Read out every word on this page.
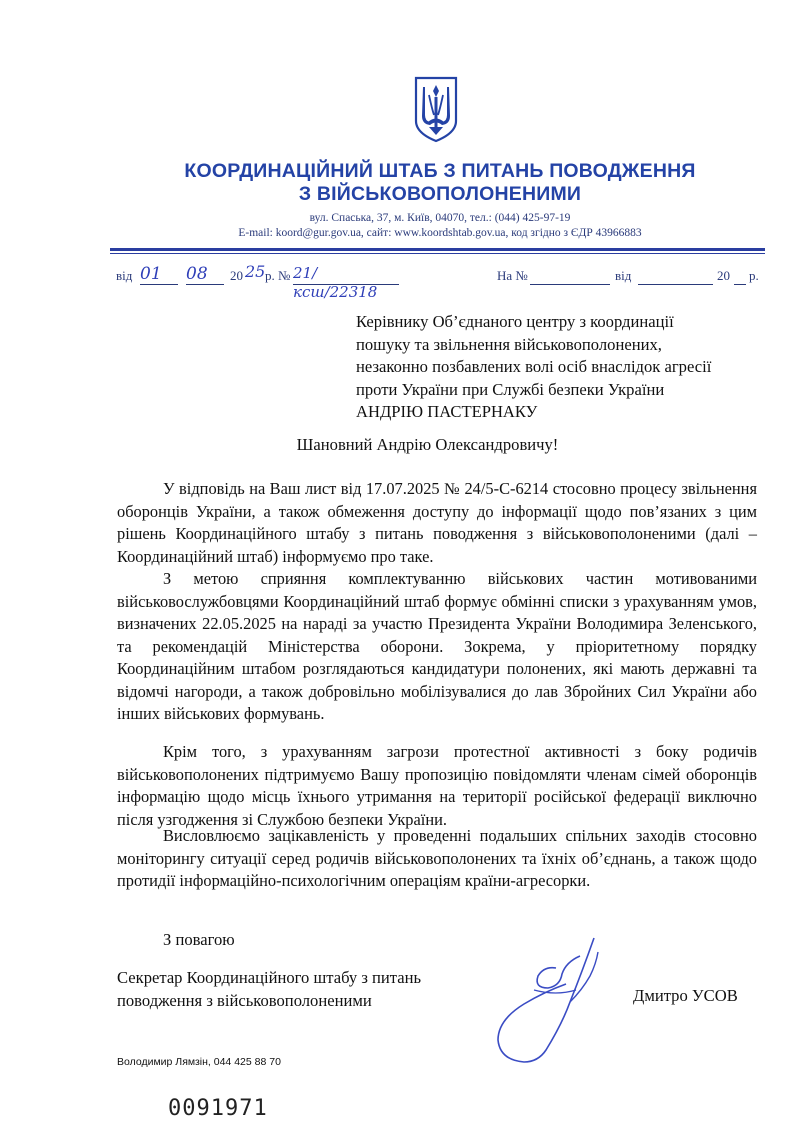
КООРДИНАЦІЙНИЙ ШТАБ З ПИТАНЬ ПОВОДЖЕННЯ
З ВІЙСЬКОВОПОЛОНЕНИМИ
вул. Спаська, 37, м. Київ, 04070, тел.: (044) 425-97-19
E-mail: koord@gur.gov.ua, сайт: www.koordshtab.gov.ua, код згідно з ЄДР 43966883
від 01	08	20 25 р. № 21/ксш/22318
На №	від	20 р.
Керівнику Об’єднаного центру з координації
пошуку та звільнення військовополонених,
незаконно позбавлених волі осіб внаслідок агресії
проти України при Службі безпеки України
АНДРІЮ ПАСТЕРНАКУ
Шановний Андрію Олександровичу!
У відповідь на Ваш лист від 17.07.2025 № 24/5-С-6214 стосовно процесу звільнення оборонців України, а також обмеження доступу до інформації щодо пов’язаних з цим рішень Координаційного штабу з питань поводження з військовополоненими (далі – Координаційний штаб) інформуємо про таке.
З метою сприяння комплектуванню військових частин мотивованими військовослужбовцями Координаційний штаб формує обмінні списки з урахуванням умов, визначених 22.05.2025 на нараді за участю Президента України Володимира Зеленського, та рекомендацій Міністерства оборони. Зокрема, у пріоритетному порядку Координаційним штабом розглядаються кандидатури полонених, які мають державні та відомчі нагороди, а також добровільно мобілізувалися до лав Збройних Сил України або інших військових формувань.
Крім того, з урахуванням загрози протестної активності з боку родичів військовополонених підтримуємо Вашу пропозицію повідомляти членам сімей оборонців інформацію щодо місць їхнього утримання на території російської федерації виключно після узгодження зі Службою безпеки України.
Висловлюємо зацікавленість у проведенні подальших спільних заходів стосовно моніторингу ситуації серед родичів військовополонених та їхніх об’єднань, а також щодо протидії інформаційно-психологічним операціям країни-агресорки.
З повагою
Секретар Координаційного штабу з питань
поводження з військовополоненими	Дмитро УСОВ
Володимир Лямзін, 044 425 88 70
0091971
